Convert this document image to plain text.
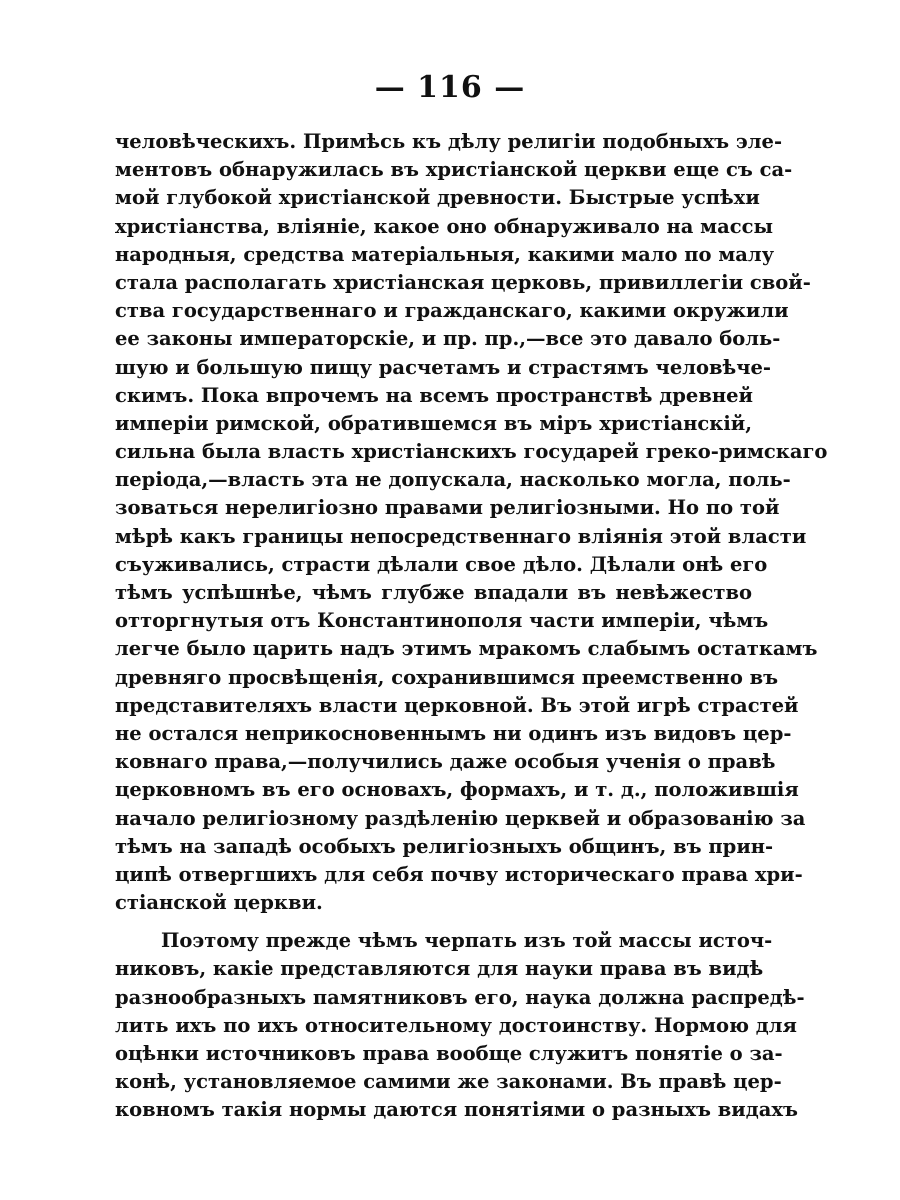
— 116 —
человѣческихъ. Примѣсь къ дѣлу религіи подобныхъ эле-
ментовъ обнаружилась въ христіанской церкви еще съ са-
мой глубокой христіанской древности. Быстрые успѣхи
христіанства, вліяніе, какое оно обнаруживало на массы
народныя, средства матеріальныя, какими мало по малу
стала располагать христіанская церковь, привиллегіи свой-
ства государственнаго и гражданскаго, какими окружили
ее законы императорскіе, и пр. пр.,—все это давало боль-
шую и большую пищу расчетамъ и страстямъ человѣче-
скимъ. Пока впрочемъ на всемъ пространствѣ древней
имперіи римской, обратившемся въ міръ христіанскій,
сильна была власть христіанскихъ государей греко-римскаго
періода,—власть эта не допускала, насколько могла, поль-
зоваться нерелигіозно правами религіозными. Но по той
мѣрѣ какъ границы непосредственнаго вліянія этой власти
съуживались, страсти дѣлали свое дѣло. Дѣлали онѣ его
тѣмъ успѣшнѣе, чѣмъ глубже впадали въ невѣжество
отторгнутыя отъ Константинополя части имперіи, чѣмъ
легче было царить надъ этимъ мракомъ слабымъ остаткамъ
древняго просвѣщенія, сохранившимся преемственно въ
представителяхъ власти церковной. Въ этой игрѣ страстей
не остался неприкосновеннымъ ни одинъ изъ видовъ цер-
ковнаго права,—получились даже особыя ученія о правѣ
церковномъ въ его основахъ, формахъ, и т. д., положившія
начало религіозному раздѣленію церквей и образованію за
тѣмъ на западѣ особыхъ религіозныхъ общинъ, въ прин-
ципѣ отвергшихъ для себя почву историческаго права хри-
стіанской церкви.
Поэтому прежде чѣмъ черпать изъ той массы источ-
никовъ, какіе представляются для науки права въ видѣ
разнообразныхъ памятниковъ его, наука должна распредѣ-
лить ихъ по ихъ относительному достоинству. Нормою для
оцѣнки источниковъ права вообще служитъ понятіе о за-
конѣ, установляемое самими же законами. Въ правѣ цер-
ковномъ такія нормы даются понятіями о разныхъ видахъ
